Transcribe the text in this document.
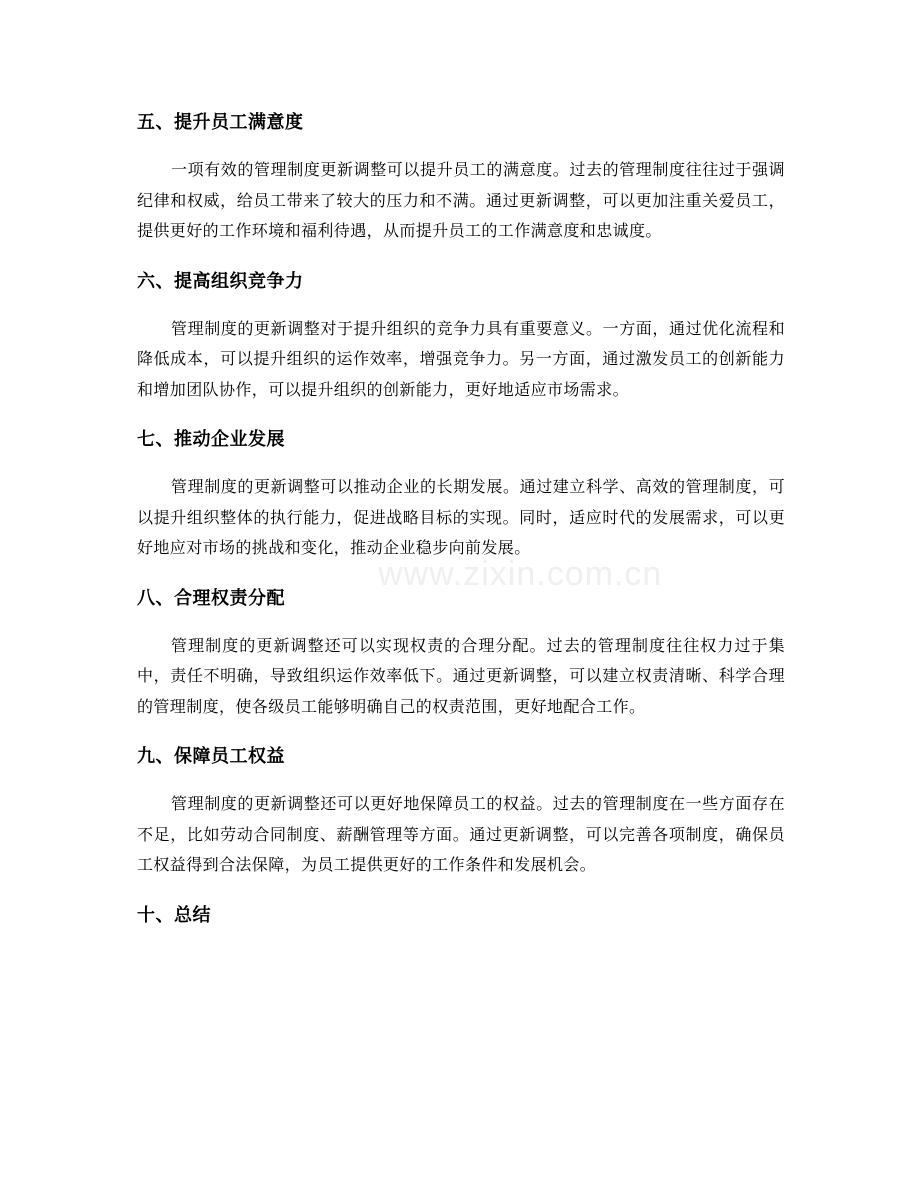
五、提升员工满意度

一项有效的管理制度更新调整可以提升员工的满意度。过去的管理制度往往过于强调纪律和权威，给员工带来了较大的压力和不满。通过更新调整，可以更加注重关爱员工，提供更好的工作环境和福利待遇，从而提升员工的工作满意度和忠诚度。

六、提高组织竞争力

管理制度的更新调整对于提升组织的竞争力具有重要意义。一方面，通过优化流程和降低成本，可以提升组织的运作效率，增强竞争力。另一方面，通过激发员工的创新能力和增加团队协作，可以提升组织的创新能力，更好地适应市场需求。

七、推动企业发展

管理制度的更新调整可以推动企业的长期发展。通过建立科学、高效的管理制度，可以提升组织整体的执行能力，促进战略目标的实现。同时，适应时代的发展需求，可以更好地应对市场的挑战和变化，推动企业稳步向前发展。

八、合理权责分配

管理制度的更新调整还可以实现权责的合理分配。过去的管理制度往往权力过于集中，责任不明确，导致组织运作效率低下。通过更新调整，可以建立权责清晰、科学合理的管理制度，使各级员工能够明确自己的权责范围，更好地配合工作。

九、保障员工权益

管理制度的更新调整还可以更好地保障员工的权益。过去的管理制度在一些方面存在不足，比如劳动合同制度、薪酬管理等方面。通过更新调整，可以完善各项制度，确保员工权益得到合法保障，为员工提供更好的工作条件和发展机会。

十、总结
www.zixin.com.cn
